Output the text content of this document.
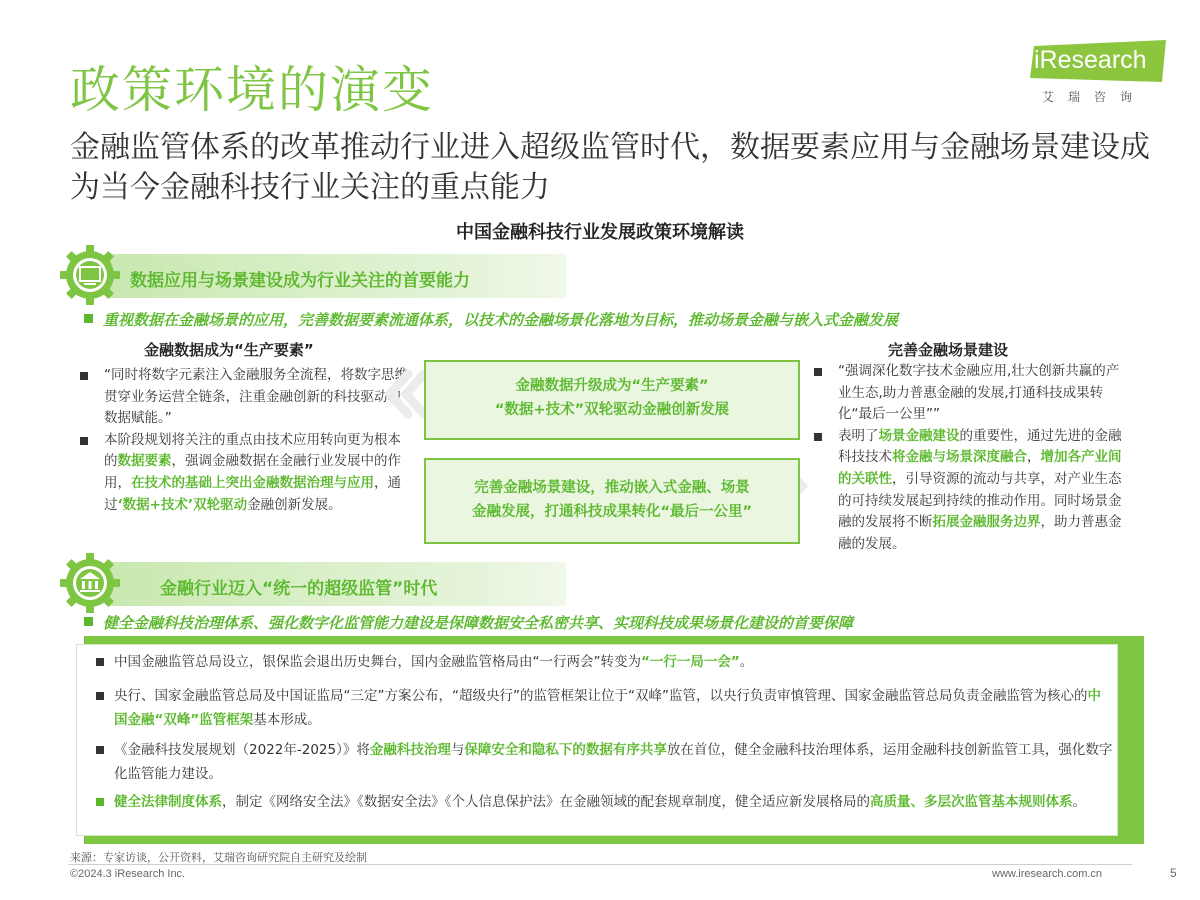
政策环境的演变
iResearch
艾瑞咨询
金融监管体系的改革推动行业进入超级监管时代，数据要素应用与金融场景建设成为当今金融科技行业关注的重点能力
中国金融科技行业发展政策环境解读
数据应用与场景建设成为行业关注的首要能力
重视数据在金融场景的应用，完善数据要素流通体系，以技术的金融场景化落地为目标，推动场景金融与嵌入式金融发展
金融数据成为“生产要素”
“同时将数字元素注入金融服务全流程，将数字思维贯穿业务运营全链条，注重金融创新的科技驱动和数据赋能。”
本阶段规划将关注的重点由技术应用转向更为根本的数据要素，强调金融数据在金融行业发展中的作用，在技术的基础上突出金融数据治理与应用，通过‘数据+技术’双轮驱动金融创新发展。
金融数据升级成为“生产要素”
“数据+技术”双轮驱动金融创新发展
完善金融场景建设，推动嵌入式金融、场景
金融发展，打通科技成果转化“最后一公里”
完善金融场景建设
“强调深化数字技术金融应用,壮大创新共赢的产业生态,助力普惠金融的发展,打通科技成果转化“最后一公里””
表明了场景金融建设的重要性，通过先进的金融科技技术将金融与场景深度融合，增加各产业间的关联性，引导资源的流动与共享，对产业生态的可持续发展起到持续的推动作用。同时场景金融的发展将不断拓展金融服务边界，助力普惠金融的发展。
金融行业迈入“统一的超级监管”时代
健全金融科技治理体系、强化数字化监管能力建设是保障数据安全私密共享、实现科技成果场景化建设的首要保障
中国金融监管总局设立，银保监会退出历史舞台，国内金融监管格局由“一行两会”转变为“一行一局一会”。
央行、国家金融监管总局及中国证监局“三定”方案公布，“超级央行”的监管框架让位于“双峰”监管，以央行负责审慎管理、国家金融监管总局负责金融监管为核心的中国金融“双峰”监管框架基本形成。
《金融科技发展规划（2022年-2025）》将金融科技治理与保障安全和隐私下的数据有序共享放在首位，健全金融科技治理体系，运用金融科技创新监管工具，强化数字化监管能力建设。
健全法律制度体系，制定《网络安全法》《数据安全法》《个人信息保护法》在金融领域的配套规章制度，健全适应新发展格局的高质量、多层次监管基本规则体系。
来源：专家访谈，公开资料，艾瑞咨询研究院自主研究及绘制
©2024.3 iResearch Inc.	www.iresearch.com.cn	5
